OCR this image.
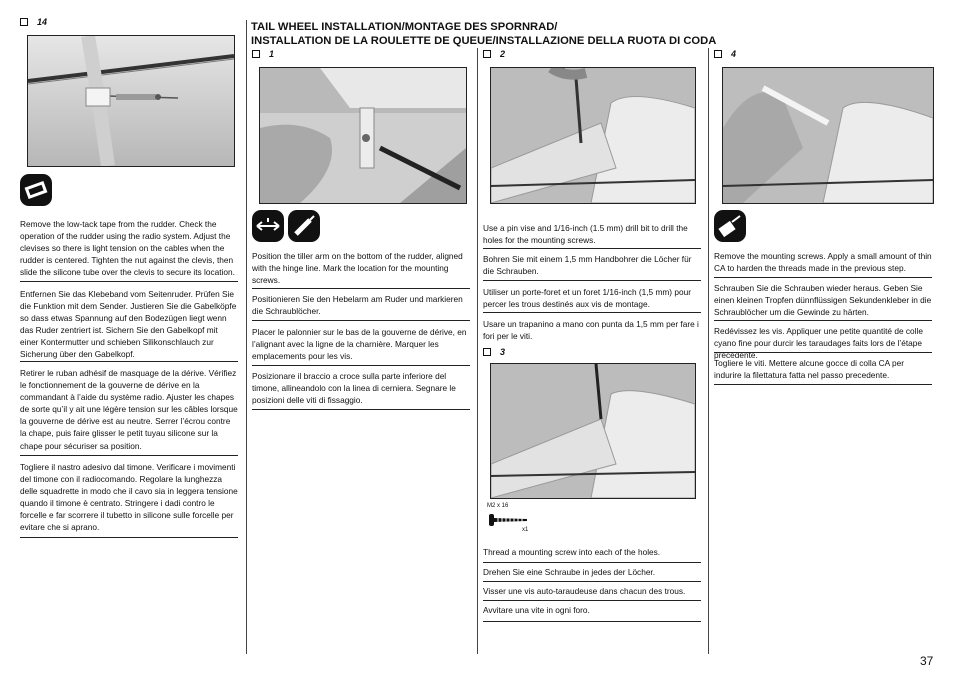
TAIL WHEEL INSTALLATION/MONTAGE DES SPORNRAD/
INSTALLATION DE LA ROULETTE DE QUEUE/INSTALLAZIONE DELLA RUOTA DI CODA
14
Remove the low-tack tape from the rudder. Check the operation of the rudder using the radio system. Adjust the clevises so there is light tension on the cables when the rudder is centered. Tighten the nut against the clevis, then slide the silicone tube over the clevis to secure its location.
Entfernen Sie das Klebeband vom Seitenruder. Prüfen Sie die Funktion mit dem Sender. Justieren Sie die Gabelköpfe so dass etwas Spannung auf den Bodezügen liegt wenn das Ruder zentriert ist. Sichern Sie den Gabelkopf mit einer Kontermutter und schieben Silikonschlauch zur Sicherung über den Gabelkopf.
Retirer le ruban adhésif de masquage de la dérive. Vérifiez le fonctionnement de la gouverne de dérive en la commandant à l’aide du système radio. Ajuster les chapes de sorte qu’il y ait une légère tension sur les câbles lorsque la gouverne de dérive est au neutre. Serrer l’écrou contre la chape, puis faire glisser le petit tuyau silicone sur la chape pour sécuriser sa position.
Togliere il nastro adesivo dal timone. Verificare i movimenti del timone con il radiocomando. Regolare la lunghezza delle squadrette in modo che il cavo sia in leggera tensione quando il timone è centrato. Stringere i dadi contro le forcelle e far scorrere il tubetto in silicone sulle forcelle per evitare che si aprano.
1
Position the tiller arm on the bottom of the rudder, aligned with the hinge line. Mark the location for the mounting screws.
Positionieren Sie den Hebelarm am Ruder und markieren die Schraublöcher.
Placer le palonnier sur le bas de la gouverne de dérive, en l’alignant avec la ligne de la charnière. Marquer les emplacements pour les vis.
Posizionare il braccio a croce sulla parte inferiore del timone, allineandolo con la linea di cerniera. Segnare le posizioni delle viti di fissaggio.
2
Use a pin vise and 1/16-inch (1.5 mm) drill bit to drill the holes for the mounting screws.
Bohren Sie mit einem 1,5 mm Handbohrer die Löcher für die Schrauben.
Utiliser un porte-foret et un foret 1/16-inch (1,5 mm) pour percer les trous destinés aux vis de montage.
Usare un trapanino a mano con punta da 1,5 mm per fare i fori per le viti.
3
M2 x 16
x1
Thread a mounting screw into each of the holes.
Drehen Sie eine Schraube in jedes der Löcher.
Visser une vis auto-taraudeuse dans chacun des trous.
Avvitare una vite in ogni foro.
4
Remove the mounting screws. Apply a small amount of thin CA to harden the threads made in the previous step.
Schrauben Sie die Schrauben wieder heraus. Geben Sie einen kleinen Tropfen dünnflüssigen Sekundenkleber in die Schraublöcher um die Gewinde zu härten.
Redévissez les vis. Appliquer une petite quantité de colle cyano fine pour durcir les taraudages faits lors de l’étape précédente.
Togliere le viti. Mettere alcune gocce di colla CA per indurire la filettatura fatta nel passo precedente.
37
